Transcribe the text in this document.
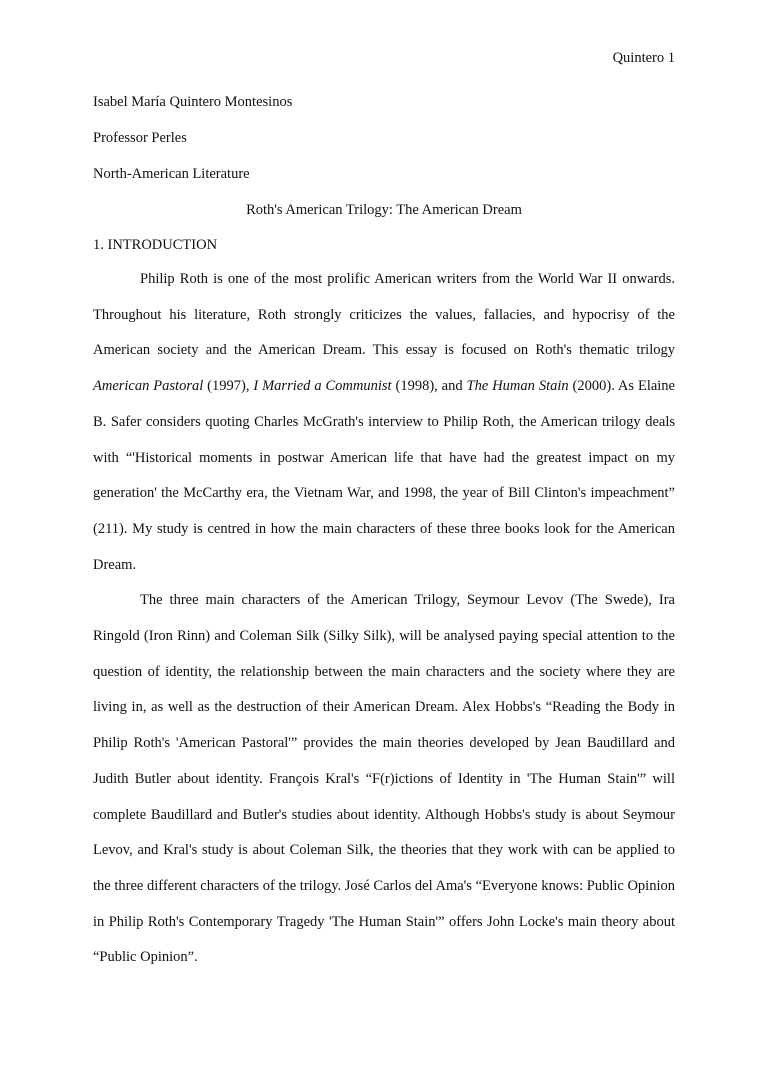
Quintero 1
Isabel María Quintero Montesinos
Professor Perles
North-American Literature
Roth's American Trilogy: The American Dream
1. INTRODUCTION

Philip Roth is one of the most prolific American writers from the World War II onwards. Throughout his literature, Roth strongly criticizes the values, fallacies, and hypocrisy of the American society and the American Dream. This essay is focused on Roth's thematic trilogy American Pastoral (1997), I Married a Communist (1998), and The Human Stain (2000). As Elaine B. Safer considers quoting Charles McGrath's interview to Philip Roth, the American trilogy deals with “'Historical moments in postwar American life that have had the greatest impact on my generation' the McCarthy era, the Vietnam War, and 1998, the year of Bill Clinton's impeachment” (211). My study is centred in how the main characters of these three books look for the American Dream.

The three main characters of the American Trilogy, Seymour Levov (The Swede), Ira Ringold (Iron Rinn) and Coleman Silk (Silky Silk), will be analysed paying special attention to the question of identity, the relationship between the main characters and the society where they are living in, as well as the destruction of their American Dream. Alex Hobbs's “Reading the Body in Philip Roth's 'American Pastoral'” provides the main theories developed by Jean Baudillard and Judith Butler about identity. François Kral's “F(r)ictions of Identity in 'The Human Stain'” will complete Baudillard and Butler's studies about identity. Although Hobbs's study is about Seymour Levov, and Kral's study is about Coleman Silk, the theories that they work with can be applied to the three different characters of the trilogy. José Carlos del Ama's “Everyone knows: Public Opinion in Philip Roth's Contemporary Tragedy 'The Human Stain'” offers John Locke's main theory about “Public Opinion”.
